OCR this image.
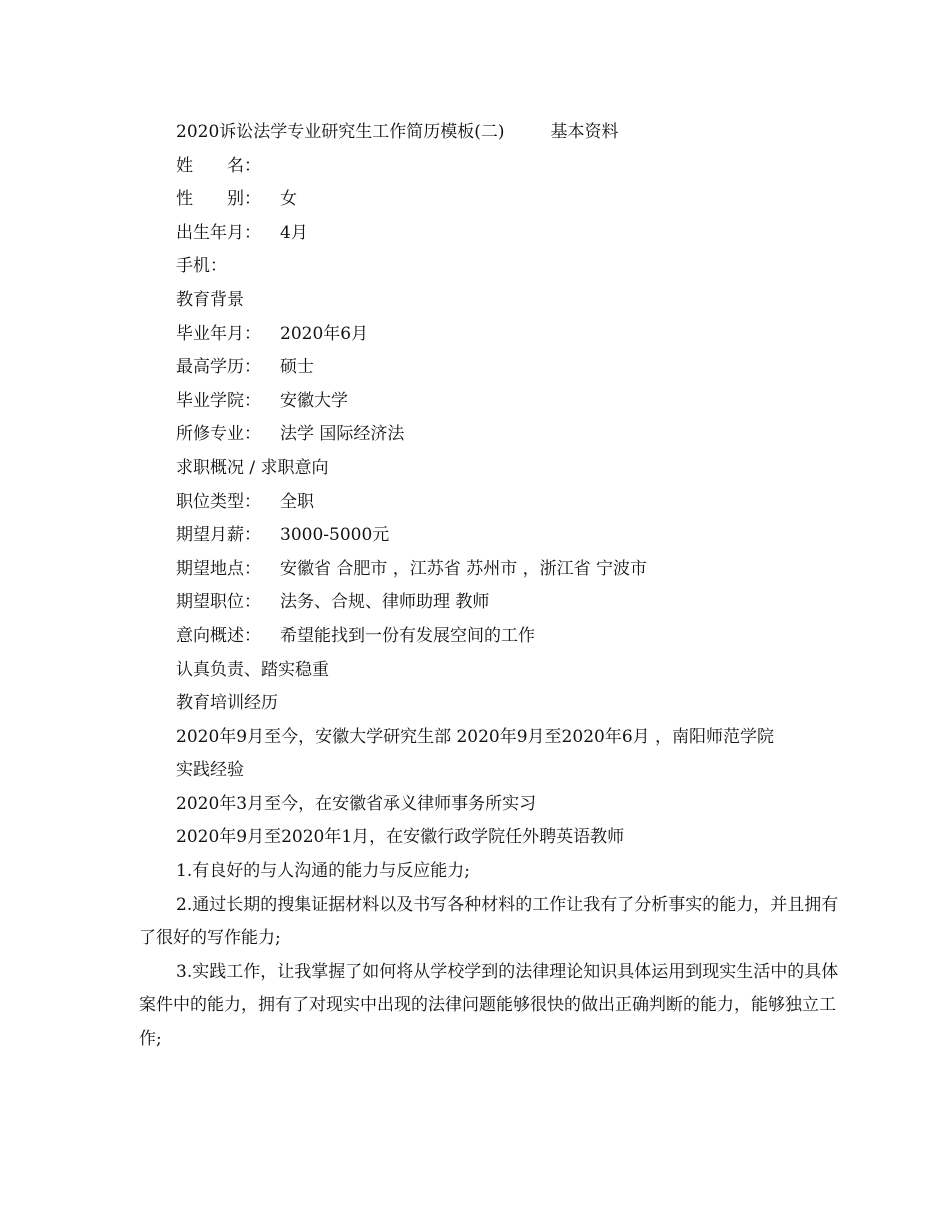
2020诉讼法学专业研究生工作简历模板(二)	基本资料
姓　　名：
性　　别： 女
出生年月： 4月
手机：
教育背景
毕业年月： 2020年6月
最高学历： 硕士
毕业学院： 安徽大学
所修专业： 法学 国际经济法
求职概况 / 求职意向
职位类型： 全职
期望月薪： 3000-5000元
期望地点： 安徽省 合肥市 ，江苏省 苏州市 ，浙江省 宁波市
期望职位： 法务、合规、律师助理 教师
意向概述： 希望能找到一份有发展空间的工作
认真负责、踏实稳重
教育培训经历
2020年9月至今，安徽大学研究生部 2020年9月至2020年6月 ，南阳师范学院
实践经验
2020年3月至今，在安徽省承义律师事务所实习
2020年9月至2020年1月，在安徽行政学院任外聘英语教师
1.有良好的与人沟通的能力与反应能力;
2.通过长期的搜集证据材料以及书写各种材料的工作让我有了分析事实的能力，并且拥有了很好的写作能力;
3.实践工作，让我掌握了如何将从学校学到的法律理论知识具体运用到现实生活中的具体案件中的能力，拥有了对现实中出现的法律问题能够很快的做出正确判断的能力，能够独立工作;
